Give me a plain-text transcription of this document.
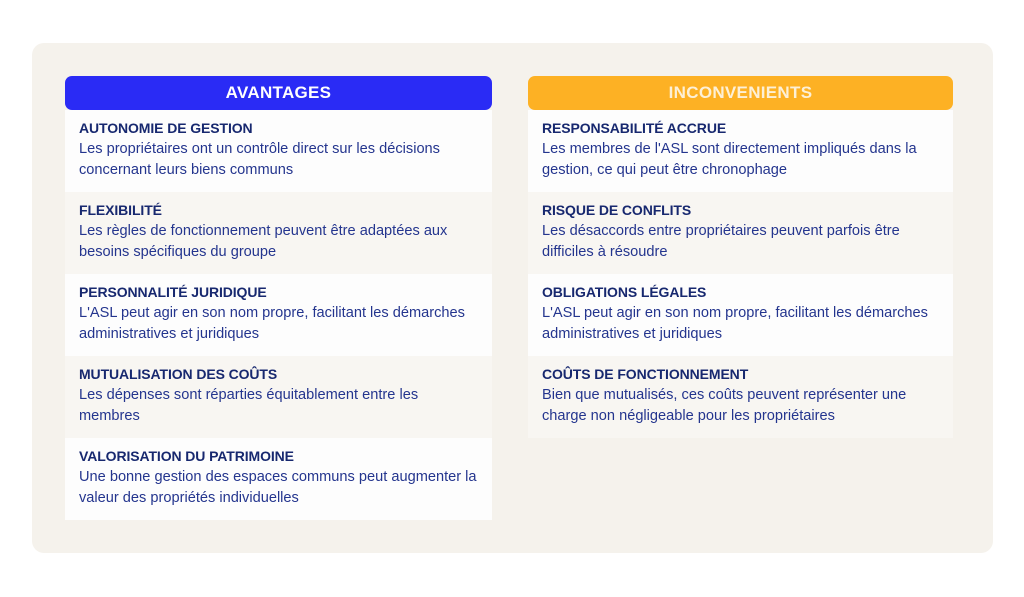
AVANTAGES
AUTONOMIE DE GESTION
Les propriétaires ont un contrôle direct sur les décisions concernant leurs biens communs
FLEXIBILITÉ
Les règles de fonctionnement peuvent être adaptées aux besoins spécifiques du groupe
PERSONNALITÉ JURIDIQUE
L'ASL peut agir en son nom propre, facilitant les démarches administratives et juridiques
MUTUALISATION DES COÛTS
Les dépenses sont réparties équitablement entre les membres
VALORISATION DU PATRIMOINE
Une bonne gestion des espaces communs peut augmenter la valeur des propriétés individuelles
INCONVENIENTS
RESPONSABILITÉ ACCRUE
Les membres de l'ASL sont directement impliqués dans la gestion, ce qui peut être chronophage
RISQUE DE CONFLITS
Les désaccords entre propriétaires peuvent parfois être difficiles à résoudre
OBLIGATIONS LÉGALES
L'ASL peut agir en son nom propre, facilitant les démarches administratives et juridiques
COÛTS DE FONCTIONNEMENT
Bien que mutualisés, ces coûts peuvent représenter une charge non négligeable pour les propriétaires
